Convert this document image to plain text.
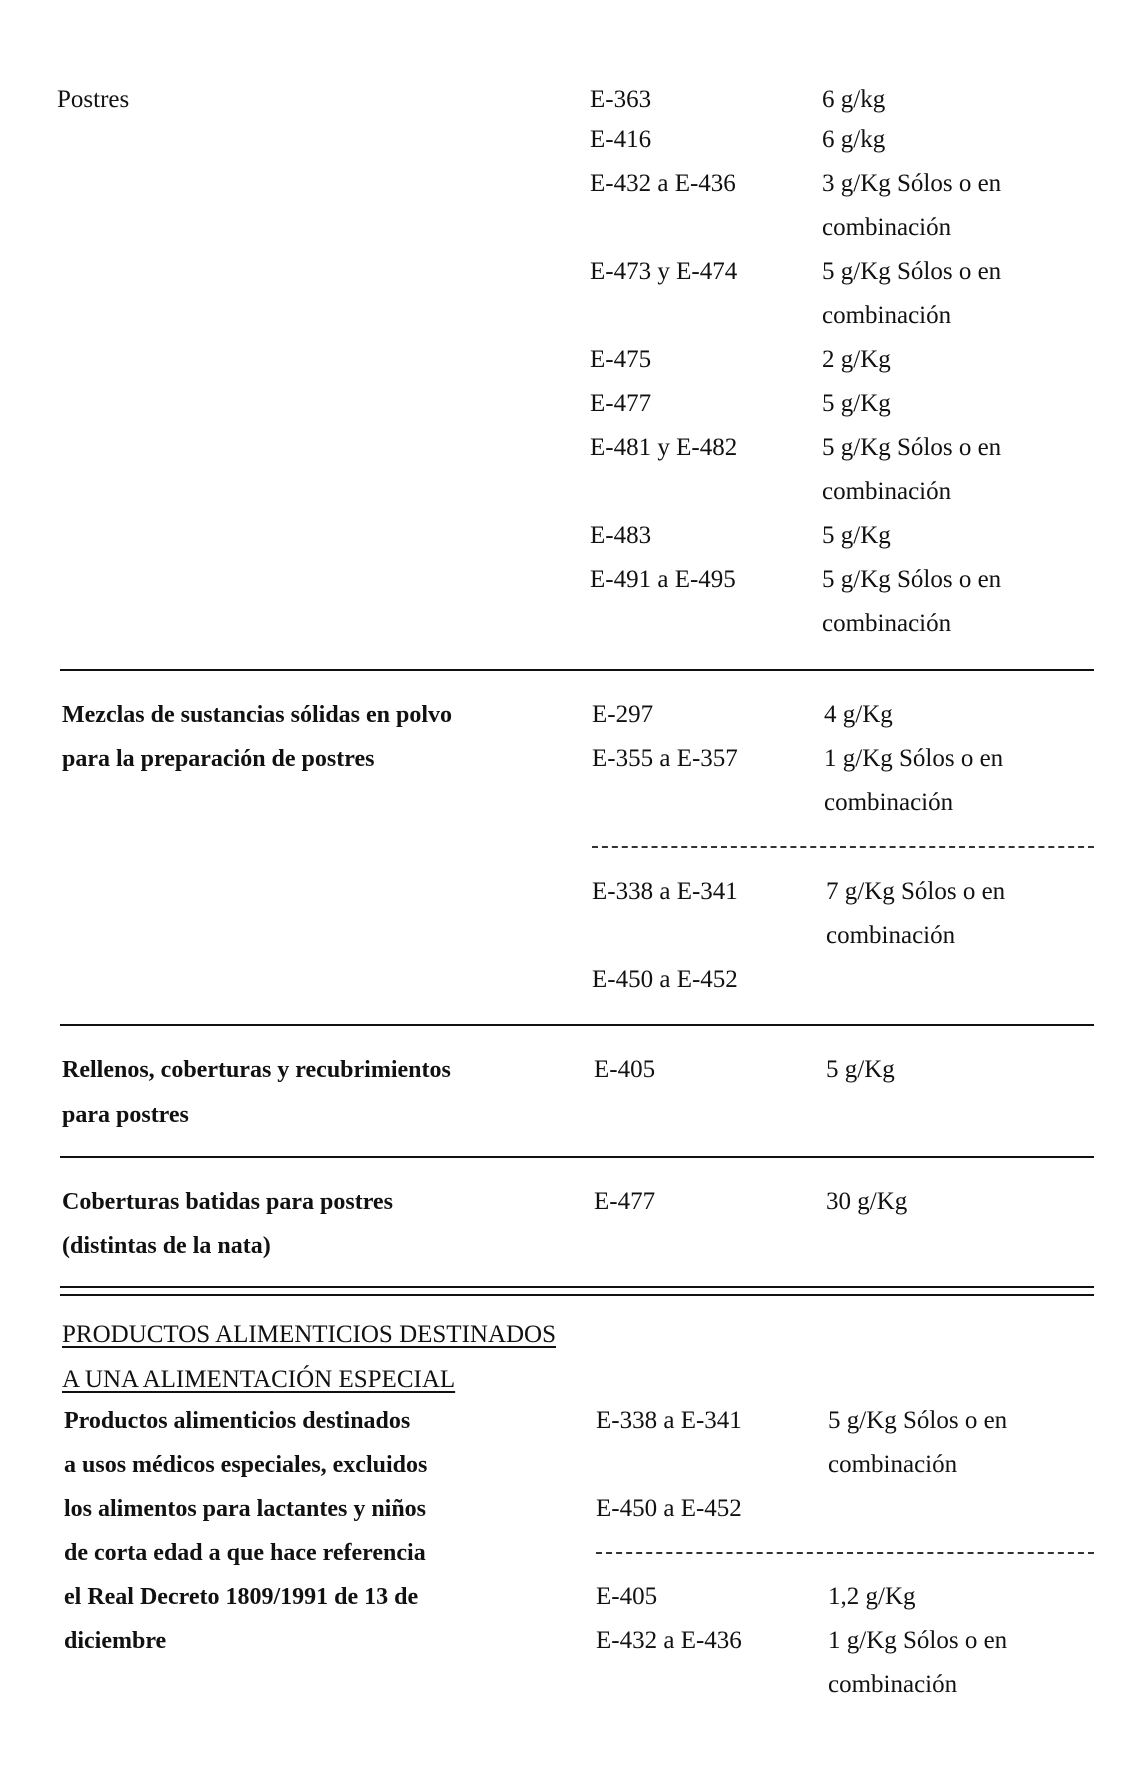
Postres	E-363	6 g/kg
E-416	6 g/kg
E-432 a E-436	3 g/Kg Sólos o en
combinación
E-473 y E-474	5 g/Kg Sólos o en
combinación
E-475	2 g/Kg
E-477	5 g/Kg
E-481 y E-482	5 g/Kg Sólos o en
combinación
E-483	5 g/Kg
E-491 a E-495	5 g/Kg Sólos o en
combinación
Mezclas de sustancias sólidas en polvo
para la preparación de postres
E-297	4 g/Kg
E-355 a E-357	1 g/Kg Sólos o en
combinación
E-338 a E-341	7 g/Kg Sólos o en
combinación
E-450 a E-452
Rellenos, coberturas y recubrimientos
para postres
E-405	5 g/Kg
Coberturas batidas para postres
(distintas de la nata)
E-477	30 g/Kg
PRODUCTOS ALIMENTICIOS DESTINADOS
A UNA ALIMENTACIÓN ESPECIAL
Productos alimenticios destinados
a usos médicos especiales, excluidos
los alimentos para lactantes y niños
de corta edad a que hace referencia
el Real Decreto 1809/1991 de 13 de
diciembre
E-338 a E-341	5 g/Kg Sólos o en
combinación
E-450 a E-452
E-405	1,2 g/Kg
E-432 a E-436	1 g/Kg Sólos o en
combinación
